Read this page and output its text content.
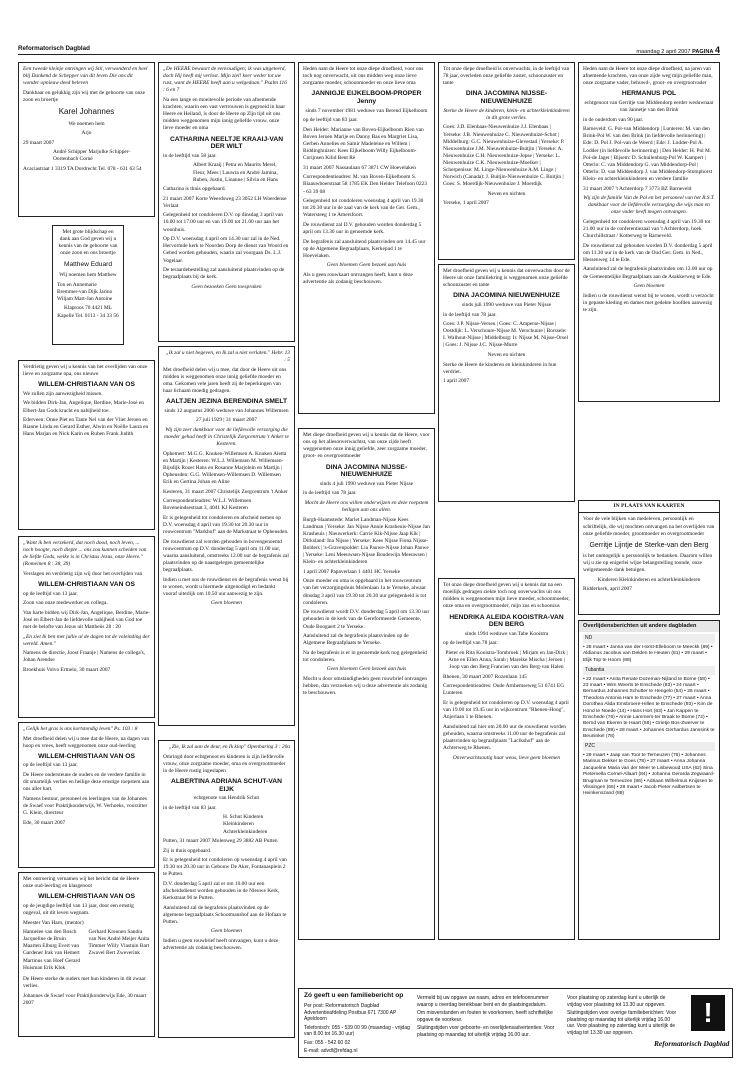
Reformatorisch Dagblad	maandag 2 april 2007 PAGINA 4

Een tweede kleinje ontvingen wij Stil, verwonderd en heel blij Dankend de Schepper van dit leven Die ons dit wonder opnieuw deed beleven

Dankbaar en gelukkig zijn wij met de geboorte van onze zoon en broertje

Karel Johannes

We noemen hem

Arjo

29 maart 2007

André Schipper Marjolke Schipper-Oortenbach Corné

Acaciastraat 1 3319 TA Dordrecht Tel. 078 - 631 63 54

Met grote blijdschap en dank aan God geven wij u kennis van de geboorte van onze zoon en ons broertje

Matthew Eduard

Wij noemen hem Matthew

Ton en Annemarie Bremmer-van Dijk Jarino Wiljam Mart-Jan Antoine

Klaproos 70 4421 ML Kapelle Tel. 0113 - 34 33 56

Verdrietig geven wij u kennis van het overlijden van onze lieve en zorgzame opa, ons nieuwe

WILLEM-CHRISTIAAN VAN OS

We zullen zijn aanwezigheid missen.

We bidden Dirk-Jan, Angelique, Berdine, Marie-José en Elbert-Jan Gods kracht en nabijheid toe.

Ederveen: Onne Piet en Tante Nel van der Vliet Jeroen en Rianne Linda en Gerard Esther, Alwin en Noëlle Laura en Hans Marjan en Nick Karin en Ruben Frank Judith

„Want ik ben verzekerd, dat noch dood, noch leven, ... noch hoogte, noch diepte ... ons zou kunnen scheiden van de liefde Gods, welke is in Christus Jezus, onze Heere." (Romeinen 8 : 38, 39)

Verslagen en verdrietig zijn wij door het overlijden van

WILLEM-CHRISTIAAN VAN OS

op de leeftijd van 13 jaar.

Zoon van onze medewerker en collega.

Van harte bidden wij Dirk-Jan, Angelique, Berdine, Marie-José en Elbert-Jan de liefdevolle nabijheid van God toe met de belofte van Jezus uit Mattheüs 28 : 20

„En ziet Ik ben met jullie al de dagen tot de voleinding der wereld. Amen."

Namens de directie, Joost Fraanje | Namens de collega's, Johan Arendse

Broekhuis Volvo Ermelo, 30 maart 2007

„Gelijk het gras is ons kortstondig leven" Ps. 103 : 8

Met droefheid delen wij u mee dat de Heere, na dagen van hoop en vrees, heeft weggenomen onze oud-leerling

WILLEM-CHRISTIAAN VAN OS

op de leeftijd van 13 jaar.

De Heere ondersteune de ouders en de verdere familie in dit smartelijk verlies en heilige deze ernstige roepstem aan ons aller hart.

Namens bestuur, personeel en leerlingen van de Johannes de Swaef voor Praktijkonderwijs, W. Verhoeks, voorzitter G. Klein, directeur

Ede, 30 maart 2007

Met ontroering vernamen wij het bericht dat de Heere onze oud-leerling en klasgenoot

WILLEM-CHRISTIAAN VAN OS

op de jeugdige leeftijd van 13 jaar, door een ernstig ongeval, uit dit leven wegnam.

Meester Van Harn, (mentor)

Hannelee van den Bosch Jacqueline de Bruin Maarten Elburg Evert van Gardener Irak van Hemert Martinus van Hoef Gerard Huisman Erik Klok

Gerhard Kreunen Sandra van Nes André Meijer Anita Timmer Willy Vlastuin Bart Zwavel Bert Zweverink

De Heere sterke de ouders met hun kinderen in dit zwaar verlies.

Johannes de Swaef voor Praktijkonderwijs Ede, 30 maart 2007

„De HEERE bewaart de eenvoudigen; ik was uitgeteerd, doch Hij heeft mij verlost. Mijn ziel! keer weder tot uw rust, want de HEERE heeft aan u welgedaan." Psalm 116 : 6 en 7

Na een lange en moeitevolle periode van afnemende krachten, waarin een vast vertrouwen is gegroeid in haar Heere en Heiland, is door de Heere op Zijn tijd uit ons midden weggenomen mijn innig geliefde vrouw, onze lieve moeder en oma

CATHARINA NEELTJE KRAAIJ-VAN DER WILT

in de leeftijd van 58 jaar.

Albert Kraaij | Petra en Maurits Merel, Fleur, Mees | Lauwra en André Jamina, Ruben, Justin, Linanne | Silvia en Hans

Catharina is thuis opgebaard.

21 maart 2007 Korte Weerdsweg 23 3052 LH Woerdense Verlaat

Gelegenheid tot condoleren D.V. op dinsdag 3 april van 16.00 tot 17.00 uur en van 19.00 tot 21.00 uur aan het woonhuis.

Op D.V. woensdag 4 april om 14.30 uur zal in de Ned. Hervormde kerk te Noorden Dorp de dienst van Woord en Gebed worden gehouden, waarin zal voorgaan Ds. L.J. Vogelaar.

De teraardebestelling zal aansluitend plaatsvinden op de begraafplaats bij de kerk.

Geen bezoeken Geen toespraken

„Ik zal u niet begeven, en Ik zal u niet verlaten." Hebr. 13 : 5

Met droefheid delen wij u mee, dat door de Heere uit ons midden is weggenomen onze innig geliefde moeder en oma. Gekomen vele jaren heeft zij de beperkingen van haar lichaam moedig gedragen.

AALTJEN JEZINA BERENDINA SMELT

sinds 12 augustus 2006 weduwe van Johannes Willemsen

27 juli 1929 | 31 maart 2007

Wij zijn zeer dankbaar voor de liefdevolle verzorging die moeder gehad heeft in Christelijk Zorgcentrum 't Anker te Kesteren.

Ophemert: M.G.G. Knuken-Willemsen A. Knuken Aletta en Martijn | Kesteren: W.L.J. Willemsen M. Willemsen-Bijsdijk Rozer Hans en Rosanne Marjolein en Martijn | Opheusden: G.G. Willemsen-Willemsen D. Willemsen Erik en Gertina Johan en Aline

Kesteren, 31 maart 2007 Christelijk Zorgcentrum 't Anker

Correspondentieadres: W.L.J. Willemsen Boveneindsestraat 3, 4041 KJ Kesteren

Er is gelegenheid tot condoleren en afscheid nemen op D.V. woensdag 4 april van 19.30 tot 20.30 uur in rouwcentrum "Markhof" aan de Markstraat te Opheusden.

De rouwdienst zal worden gehouden in bovengenoemd rouwcentrum op D.V. donderdag 5 april om 11.00 uur, waarna aansluitend, omstreeks 12.00 uur de begrafenis zal plaatsvinden op de naastgelegen gemeentelijke begraafplaats.

Indien u met ons de rouwdienst en de begrafenis wenst bij te wonen, wordt u hiermede uitgenodigd en bedankt vooraf uiterlijk om 10.50 uur aanwezig te zijn.

Geen bloemen

„Zie, Ik zal aan de deur, en Ik klop" Openbaring 3 : 20a

Omringd door echtgenoot en kinderen is zijn liefdevolle vrouw, onze zorgzame moeder, oma en overgrootmoeder in de Heere rustig ingeslapen

ALBERTINA ADRIANA SCHUT-VAN EIJK

echtgenote van Hendrik Schut

in de leeftijd van 83 jaar.

H. Schut Kinderen Kleinkinderen Achterkleinkinderen

Putten, 31 maart 2007 Molenweg 29 3882 AB Putten

Zij is thuis opgebaard.

Er is gelegenheid tot condoleren op woensdag 4 april van 19.30 tot 20.30 uur in Gebouw De Aker, Fontanasplein 2 te Putten.

D.V. donderdag 5 april zal er om 10.00 uur een afscheidsdienst worden gehouden in de Nieuwe Kerk, Kerkstraat 96 te Putten.

Aansluitend zal de begrafenis plaatsvinden op de algemene begraafplaats Schootmanshof aan de Hofaan te Putten.

Geen bloemen

Indien u geen rouwbrief heeft ontvangen, kunt u deze advertentie als zodanig beschouwen.

Heden nam de Heere tot onze diepe droefheid, voor ons toch nog onverwacht, uit ons midden weg onze lieve zorgzame moeder, schoonmoeder en onze lieve oma

JANNIGJE EIJKELBOOM-PROPER Jenny

sinds 7 november 1981 weduwe van Berend Eijkelboom

op de leeftijd van 83 jaar.

Den Helder: Marianne van Boven-Eijkelboom Rien van Boven Jeroen Marije en Danny Bas en Margriet Lisa, Gerben Annelies en Samir Madeleine en Willem | Biddinghuizen: Kees Eijkelboom Willy Eijkelboom-Corijnsen Kilid Bent Rè

31 maart 2007 Nassaulaan 67 3871 CW Hoevelaken

Correspondentieadres: M. van Boven-Eijkelboom S. Blaauwboerstraat 58 1785 EK Den Helder Telefoon 0223 - 63 39 08

Gelegenheid tot condoleren woensdag 4 april van 19.30 tot 20.30 uur in de zaal van de kerk van de Ger. Gem., Watersteeg 1 te Amersfoort.

De rouwdienst zal D.V. gehouden worden donderdag 5 april om 13.30 uur in genoemde kerk.

De begrafenis zal aansluitend plaatsvinden om 14.45 uur op de Algemene Begraafplaats, Kerkepad 1 te Hoevelaken.

Geen bloemen Geen bezoek aan huis

Als u geen rouwkaart ontvangen heeft, kunt u deze advertentie als zodanig beschouwen.

Met diepe droefheid geven wij u kennis dat de Heere, voor ons op het allesonverwachtst, van onze zijde heeft weggenomen onze innig geliefde, zeer zorgzame moeder, groot- en overgrootmoeder

DINA JACOMINA NIJSSE-NIEUWENHUIZE

sinds 4 juli 1990 weduwe van Pieter Nijsse

in de leeftijd van 78 jaar.

Mocht de Heere ons willen onderwijzen en deze roepstem heiligen aan ons allen.

Burgh-Haamstede: Marlet Landman-Nijsse Kees Landman | Yerseke: Jan Nijsse Annie Krasheuis-Nijsse Jan Krasheuis | Nieuwerkerk: Carrie Kik-Nijsse Jaap Kik | Dirksland: Ina Nijsse | Yerseke: Kees Nijsse Fiona Nijsse-Bolders | 's-Gravenpolder: Lia Pauwe-Nijsse Johan Pauwe | Yerseke: Leni Meeuwsen-Nijsse Boudewijn Meeuwsen | Klein- en achterkleinkinderen

1 april 2007 Papaverlaan 1 4401 HC Yerseke

Onze moeder en oma is opgebaard in het rouwcentrum van het verzorgingshuis Molenlaan 1a te Yerseke, alwaar dinsdag 3 april van 19.30 tot 20.30 uur gelegenheid is tot condoleren.

De rouwdienst wordt D.V. donderdag 5 april om 13.30 uur gehouden in de kerk van de Gereformeerde Gemeente, Oude Boogaert 2 te Yerseke.

Aansluitend zal de begrafenis plaatsvinden op de Algemene Begraafplaats te Yerseke.

Na de begrafenis is er in genoemde kerk nog gelegenheid tot condoleren.

Geen bloemen Geen bezoek aan huis

Mocht u door omstandigheden geen rouwbrief ontvangen hebben, dan verzoeken wij u deze advertentie als zodanig te beschouwen.

Tot onze diepe droefheid is onverwachts, in de leeftijd van 78 jaar, overleden onze geliefde zuster, schoonzuster en tante

DINA JACOMINA NIJSSE-NIEUWENHUIZE

Sterke de Heere de kinderen, klein- en achterkleinkinderen in dit grote verlies.

Goes: J.D. Elenbaas-Nieuwenhuize J.J. Elenbaas | Yerseke: J.B. Nieuwenhuize C. Nieuwenhuize-Schot | Middelburg: G.C. Nieuwenhuize-Glevestad | Yerseke: P. Nieuwenhuize J.M. Nieuwenhuize-Buitjin | Yerseke: A. Nieuwenhuize C.H. Nieuwenhuize-Jopse | Yerseke: L. Nieuwenhuize C.K. Nieuwenhuize-Moelker | Scherpenisse: M. Linge-Nieuwenhuize A.M. Linge | Norwich (Canada): J. Buitjin-Nieuwenhuize C. Buitjin | Goes: S. Moerdijk-Nieuwenhuize J. Moerdijk

Neven en nichten

Yerseke, 1 april 2007

Met droefheid geven wij u kennis dat onverwachts door de Heere uit onze familiekring is weggenomen onze geliefde schoonzuster en tante

DINA JACOMINA NIEUWENHUIZE

sinds juli 1990 weduwe van Pieter Nijsse

in de leeftijd van 78 jaar.

Goes: J.P. Nijsse-Verseu | Goes: C. Amperse-Nijsse | Oostdijk: L. Verschuure-Nijsse M. Verschuure | Borssele: I. Walhout-Nijsse | Middelburg: Ir. Nijsse M. Nijsse-Orsel | Goes: J. Nijsse J.C. Nijsse-Murre

Neven en nichten

Sterke de Heere de kinderen en kleinkinderen in hun verdriet.

1 april 2007

Tot onze diepe droefheid geven wij u kennis dat na een moeilijk gedragen ziekte toch nog onverwachts uit ons midden is weggenomen mijn lieve moeder, schoonmoeder, onze oma en overgrootmoeder, mijn zus en schoonzus

HENDRIKA ALEIDA KOOISTRA-VAN DEN BERG

sinds 1994 weduwe van Tabe Kooistra

op de leeftijd van 78 jaar.

Pieter en Rita Kooistra-Tombroek | Mirjam en Jan-Dirk | Arne en Ellen Anna, Sarah | Mareike Mischa | Jeroen | Joop van den Berg Francien van den Berg-van Halen

Rhenen, 30 maart 2007 Rozenlaan 145

Correspondentieadres: Oude Arnhemseweg 51 6741 EG Lunteren

Er is gelegenheid tot condoleren op D.V. woensdag 4 april van 19.00 tot 19.45 uur in wijkcentrum "Rhenen-Hoog", Anjerlaan 1 te Rhenen.

Aansluitend zal hier om 20.00 uur de rouwdienst worden gehouden, waarna omstreeks 11.00 uur de begrafenis zal plaatsvinden op begraafplaats "Laclkshof" aan de Achterweg te Rhenen.

Onverwachtsoutig haar weus, lieve geen bloemen

Heden nam de Heere tot onze diepe droefheid, na jaren van afnemende krachten, van onze zijde weg mijn geliefde man, onze zorgzame vader, behuwd-, groot- en overgrootvader

HERMANUS POL

echtgenoot van Gerritje van Middendorp eerder weduwnaar van Jannetje van den Brink

in de ouderdom van 90 jaar.

Barneveld: G. Pol-van Middendorp | Lunteren: M. van den Brink-Pol W. van den Brink (in liefdevolle herinnering) | Ede: D. Pol J. Pol-van de Weerd | Ede: J. Lodder-Pol A. Lodder (in liefdevolle herinnering) | Den Helder: H. Pol M. Pol-de Jager | Bijsem: D. Schuilenburg-Pol W. Kampert | Otterlo: C. van Middendorp G. van Middendorp-Pol | Otterlo: D. van Middendorp J. van Middendorp-Stomphorst Klein- en achterkleinkinderen en verdere familie

31 maart 2007 't Achterdorp 7 3773 BZ Barneveld

Wij zijn de familie Van de Pol en het personeel van het R.S.T. dankbaar voor de liefdevolle verzorging die wijs man en onze vader heeft mogen ontvangen.

Gelegenheid tot condoleren woensdag 4 april van 19.30 tot 21.00 uur in de conferentiezaal van 't Achterdorp, hoek Churchillstraat / Kotterweg te Barneveld.

De rouwdienst zal gehouden worden D.V. donderdag 5 april om 11.30 uur in de kerk van de Oud Ger. Gem. in Ned., Hessenweg 14 te Ede.

Aansluitend zal de begrafenis plaatsvinden om 13.00 uur op de Gemeentelijke Begraafplaats aan de Asakkerweg te Ede.

Geen bloemen

Indien u de rouwdienst wenst bij te wonen, wordt u verzocht in gepaste kleding en dames met gedekte hoofden aanwezig te zijn.

IN PLAATS VAN KAARTEN

Voor de vele blijken van medeleven, persoonlijk en schriftelijk, die wij mochten ontvangen na het overlijden van onze geliefde moeder, grootmoeder en overgrootmoeder

Gerritje Lijntje de Sterke-van den Berg

is het onmogelijk u persoonlijk te bedanken. Daarom willen wij u zie op enigerlei wijze belangstelling toonde, onze welgemeende dank betuigen.

Kinderen Kleinkinderen en achterkleinkinderen

Ridderkerk, april 2007

Overlijdensberichten uit andere dagbladen
ND
• 28 maart • Janna van der Horst-Elleboom te Meeckk (89) • Aldianus Jacobus van Delden te Heuten (81) • 29 maart • Elijk Top te Hoorn (88)
Tubantia
• 22 maart • Anita Renate Dozeman-Nijland te Borne (58) • 23 maart • Wim Weerts te Enschede (83) • 24 maart • Bernardus Johannes Schutter te Hengelo (54) • 26 maart • Theodora Antonia Ham te Enschede (77) • 27 maart • Anna Dorothea Alida Emsbroere-Hillen te Enschede (93) • Kim de Hond te Noede (14) • Hans Hort (63) • Jan Kappen te Enschede (76) • Annie Lammers-ter Braak te Borne (72) • Bernd van Ekeren te Haart (58) • Grietje Bos-Zwerver te Enschede (89) • 28 maart • Johannes Gerhardus Janssink te Beuninkel (78)
PZC
• 29 maart • Jaap van Toor te Terneuzen (76) • Johannes Marinus Dekker te Goes (78) • 27 maart • Anna Johanna Jacqueline Maria van der Meer te Lisbewoud USA (62) Sina Pietemella Cornel-Allaart (84) • Johanna Gerarda Zegwaard-Brugman te Terneuzen (86) • Adriaan Wilhelmus Knijssen te Vlissingen (66) • 28 maart • Jacob Pieter Aalbertsen te Heinkenszand (88)
Zó geeft u een familiebericht op

Per post: Reformatorisch Dagblad Advertentieafdeling Postbus 671 7300 AP Apeldoorn

Telefonisch: 055 - 539 00 99 (maandag - vrijdag van 8.00 tot 16.30 uur)

Fax: 055 - 542 60 02

E-mail: advdl@refdag.nl

Vermeld bij uw opgave uw naam, adres en telefoonnummer waarop u overdag bereikbaar bent en de plaatsingsdatum.

Om misverstanden en fouten te voorkomen, heeft schriftelijke opgave de voorkeur.

Sluitingstijden voor geboorte- en overlijdensadvertenties: Voor plaatsing op maandag tot uiterlijk vrijdag 16.00 uur.

Voor plaatsing op zaterdag kunt u uiterlijk de vrijdag voor plaatsing tot 13.30 uur opgeven.

Sluitingstijden voor overige familieberichten: Voor plaatsing op maandag tot uiterlijk vrijdag 16.00 uur. Voor plaatsing op zaterdag kunt u uiterlijk de vrijdag tot 13.30 uur opgeven.

!
Reformatorisch Dagblad
